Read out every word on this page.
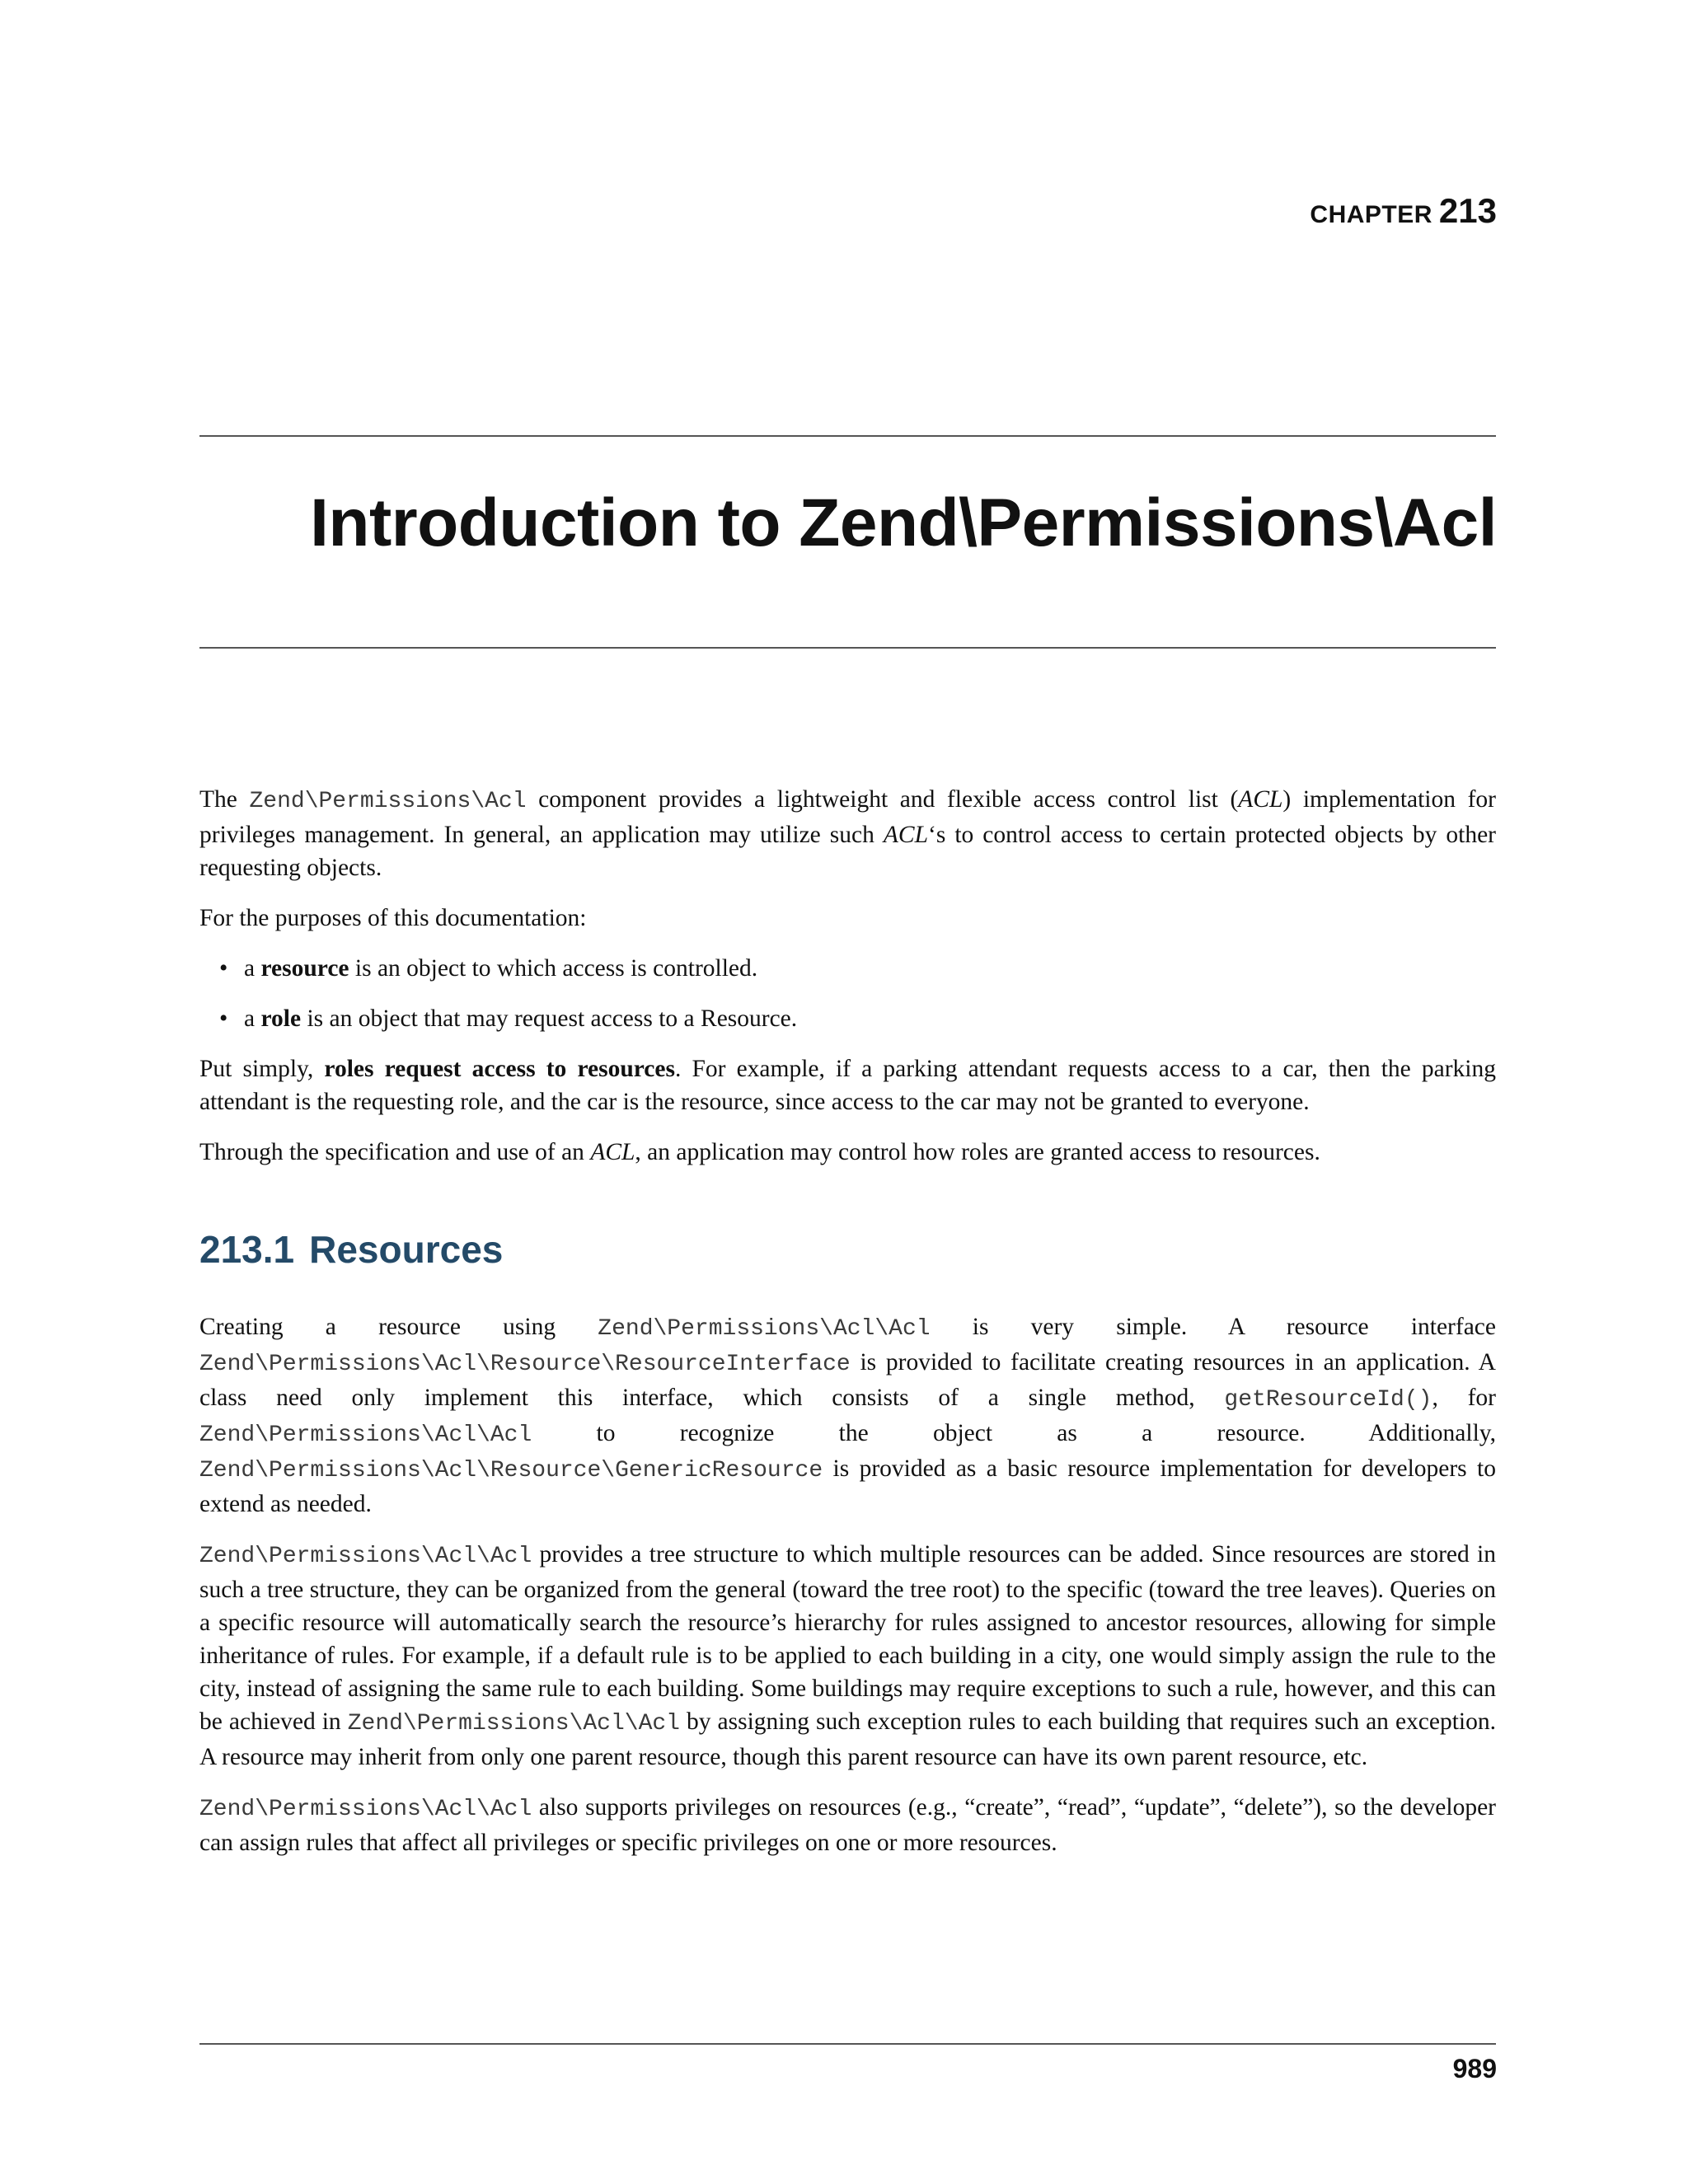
CHAPTER 213
Introduction to Zend\Permissions\Acl

The Zend\Permissions\Acl component provides a lightweight and flexible access control list (ACL) implementation for privileges management. In general, an application may utilize such ACL‘s to control access to certain protected objects by other requesting objects.

For the purposes of this documentation:

• a resource is an object to which access is controlled.
• a role is an object that may request access to a Resource.

Put simply, roles request access to resources. For example, if a parking attendant requests access to a car, then the parking attendant is the requesting role, and the car is the resource, since access to the car may not be granted to everyone.

Through the specification and use of an ACL, an application may control how roles are granted access to resources.

213.1 Resources

Creating a resource using Zend\Permissions\Acl\Acl is very simple. A resource interface Zend\Permissions\Acl\Resource\ResourceInterface is provided to facilitate creating resources in an application. A class need only implement this interface, which consists of a single method, getResourceId(), for Zend\Permissions\Acl\Acl to recognize the object as a resource. Additionally, Zend\Permissions\Acl\Resource\GenericResource is provided as a basic resource implementation for developers to extend as needed.

Zend\Permissions\Acl\Acl provides a tree structure to which multiple resources can be added. Since resources are stored in such a tree structure, they can be organized from the general (toward the tree root) to the specific (toward the tree leaves). Queries on a specific resource will automatically search the resource’s hierarchy for rules assigned to ancestor resources, allowing for simple inheritance of rules. For example, if a default rule is to be applied to each building in a city, one would simply assign the rule to the city, instead of assigning the same rule to each building. Some buildings may require exceptions to such a rule, however, and this can be achieved in Zend\Permissions\Acl\Acl by assigning such exception rules to each building that requires such an exception. A resource may inherit from only one parent resource, though this parent resource can have its own parent resource, etc.

Zend\Permissions\Acl\Acl also supports privileges on resources (e.g., “create”, “read”, “update”, “delete”), so the developer can assign rules that affect all privileges or specific privileges on one or more resources.

989
